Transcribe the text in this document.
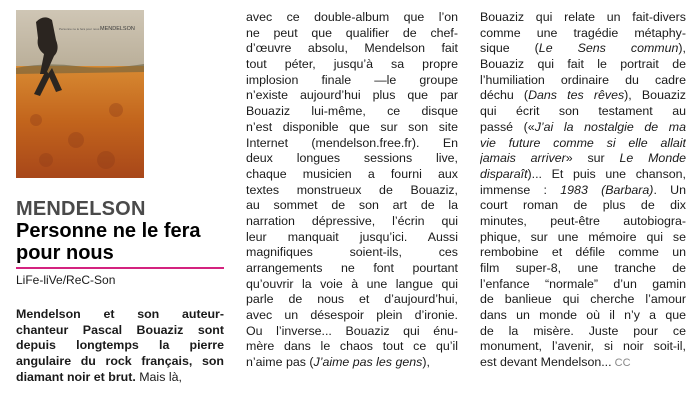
MENDELSON
Personne ne le fera pour nous
MENDELSON
Personne ne le fera
pour nous
LiFe-liVe/ReC-Son
Mendelson et son auteur-
chanteur Pascal Bouaziz sont
depuis longtemps la pierre
angulaire du rock français, son
diamant noir et brut. Mais là,
avec ce double-album que l’on
ne peut que qualifier de chef-
d’œuvre absolu, Mendelson fait
tout péter, jusqu’à sa propre
implosion finale —le groupe
n’existe aujourd’hui plus que par
Bouaziz lui-même, ce disque
n’est disponible que sur son site
Internet (mendelson.free.fr). En
deux longues sessions live,
chaque musicien a fourni aux
textes monstrueux de Bouaziz,
au sommet de son art de la
narration dépressive, l’écrin qui
leur manquait jusqu’ici. Aussi
magnifiques soient-ils, ces
arrangements ne font pourtant
qu’ouvrir la voie à une langue qui
parle de nous et d’aujourd’hui,
avec un désespoir plein d’ironie.
Ou l’inverse... Bouaziz qui énu-
mère dans le chaos tout ce qu’il
n’aime pas (J’aime pas les gens),
Bouaziz qui relate un fait-divers
comme une tragédie métaphy-
sique (Le Sens commun),
Bouaziz qui fait le portrait de
l’humiliation ordinaire du cadre
déchu (Dans tes rêves), Bouaziz
qui écrit son testament au
passé («J’ai la nostalgie de ma
vie future comme si elle allait
jamais arriver» sur Le Monde
disparaît)... Et puis une chanson,
immense : 1983 (Barbara). Un
court roman de plus de dix
minutes, peut-être autobiogra-
phique, sur une mémoire qui se
rembobine et défile comme un
film super-8, une tranche de
l’enfance “normale” d’un gamin
de banlieue qui cherche l’amour
dans un monde où il n’y a que
de la misère. Juste pour ce
monument, l’avenir, si noir soit-il,
est devant Mendelson... CC
